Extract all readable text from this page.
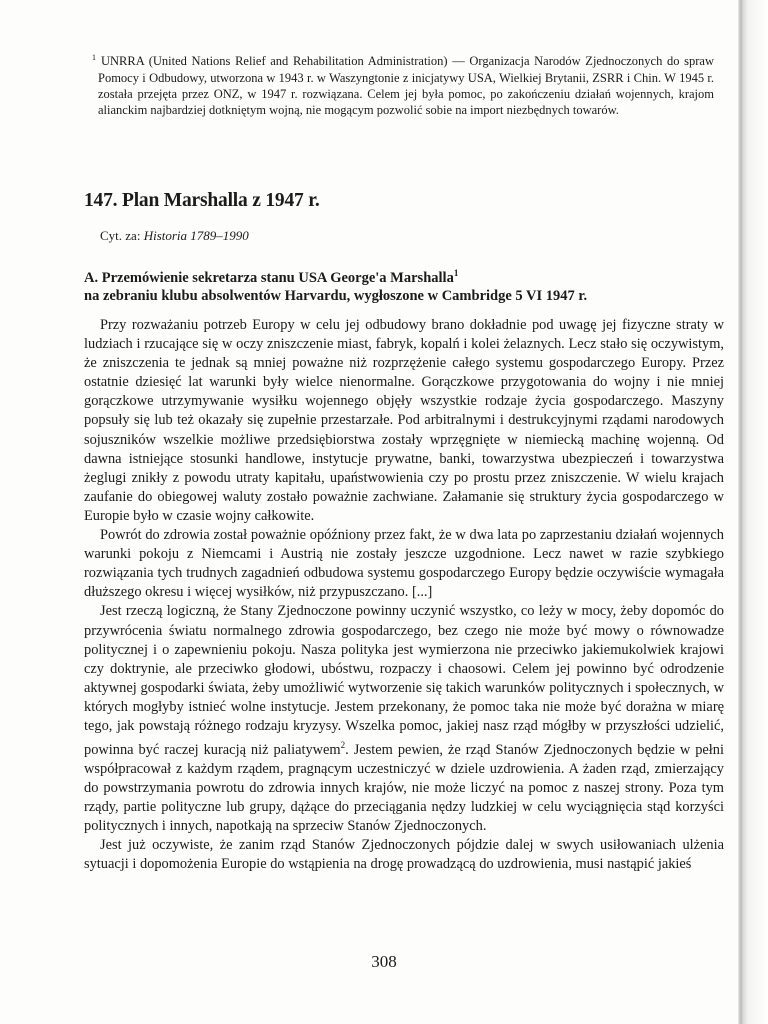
$^1$ UNRRA (United Nations Relief and Rehabilitation Administration) — Organizacja Narodów Zjednoczonych do spraw Pomocy i Odbudowy, utworzona w 1943 r. w Waszyngtonie z inicjatywy USA, Wielkiej Brytanii, ZSRR i Chin. W 1945 r. została przejęta przez ONZ, w 1947 r. rozwiązana. Celem jej była pomoc, po zakończeniu działań wojennych, krajom alianckim najbardziej dotkniętym wojną, nie mogącym pozwolić sobie na import niezbędnych towarów.
147. Plan Marshalla z 1947 r.
Cyt. za: Historia 1789–1990
A. Przemówienie sekretarza stanu USA George'a Marshalla$^1$
na zebraniu klubu absolwentów Harvardu, wygłoszone w Cambridge 5 VI 1947 r.

Przy rozważaniu potrzeb Europy w celu jej odbudowy brano dokładnie pod uwagę jej fizyczne straty w ludziach i rzucające się w oczy zniszczenie miast, fabryk, kopalń i kolei żelaznych. Lecz stało się oczywistym, że zniszczenia te jednak są mniej poważne niż rozprzężenie całego systemu gospodarczego Europy. Przez ostatnie dziesięć lat warunki były wielce nienormalne. Gorączkowe przygotowania do wojny i nie mniej gorączkowe utrzymywanie wysiłku wojennego objęły wszystkie rodzaje życia gospodarczego. Maszyny popsuły się lub też okazały się zupełnie przestarzałe. Pod arbitralnymi i destrukcyjnymi rządami narodowych sojuszników wszelkie możliwe przedsiębiorstwa zostały wprzęgnięte w niemiecką machinę wojenną. Od dawna istniejące stosunki handlowe, instytucje prywatne, banki, towarzystwa ubezpieczeń i towarzystwa żeglugi znikły z powodu utraty kapitału, upaństwowienia czy po prostu przez zniszczenie. W wielu krajach zaufanie do obiegowej waluty zostało poważnie zachwiane. Załamanie się struktury życia gospodarczego w Europie było w czasie wojny całkowite.

Powrót do zdrowia został poważnie opóźniony przez fakt, że w dwa lata po zaprzestaniu działań wojennych warunki pokoju z Niemcami i Austrią nie zostały jeszcze uzgodnione. Lecz nawet w razie szybkiego rozwiązania tych trudnych zagadnień odbudowa systemu gospodarczego Europy będzie oczywiście wymagała dłuższego okresu i więcej wysiłków, niż przypuszczano. [...]

Jest rzeczą logiczną, że Stany Zjednoczone powinny uczynić wszystko, co leży w mocy, żeby dopomóc do przywrócenia światu normalnego zdrowia gospodarczego, bez czego nie może być mowy o równowadze politycznej i o zapewnieniu pokoju. Nasza polityka jest wymierzona nie przeciwko jakiemukolwiek krajowi czy doktrynie, ale przeciwko głodowi, ubóstwu, rozpaczy i chaosowi. Celem jej powinno być odrodzenie aktywnej gospodarki świata, żeby umożliwić wytworzenie się takich warunków politycznych i społecznych, w których mogłyby istnieć wolne instytucje. Jestem przekonany, że pomoc taka nie może być dorażna w miarę tego, jak powstają różnego rodzaju kryzysy. Wszelka pomoc, jakiej nasz rząd mógłby w przyszłości udzielić, powinna być raczej kuracją niż paliatywem$^2$. Jestem pewien, że rząd Stanów Zjednoczonych będzie w pełni współpracował z każdym rządem, pragnącym uczestniczyć w dziele uzdrowienia. A żaden rząd, zmierzający do powstrzymania powrotu do zdrowia innych krajów, nie może liczyć na pomoc z naszej strony. Poza tym rządy, partie polityczne lub grupy, dążące do przeciągania nędzy ludzkiej w celu wyciągnięcia stąd korzyści politycznych i innych, napotkają na sprzeciw Stanów Zjednoczonych.

Jest już oczywiste, że zanim rząd Stanów Zjednoczonych pójdzie dalej w swych usiłowaniach ulżenia sytuacji i dopomożenia Europie do wstąpienia na drogę prowadzącą do uzdrowienia, musi nastąpić jakieś

308
